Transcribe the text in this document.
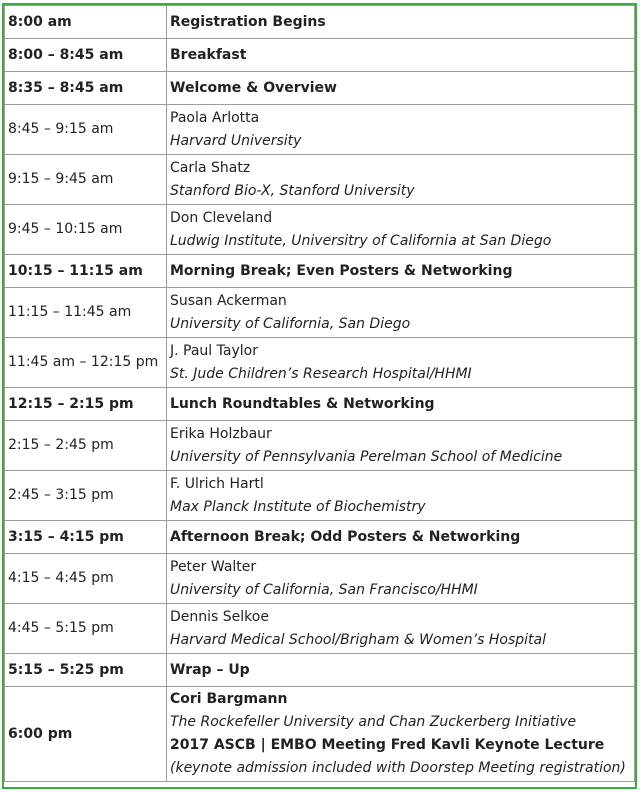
8:00 am	Registration Begins
8:00 – 8:45 am	Breakfast
8:35 – 8:45 am	Welcome & Overview
8:45 – 9:15 am	Paola Arlotta
Harvard University

9:15 – 9:45 am	Carla Shatz
Stanford Bio-X, Stanford University

9:45 – 10:15 am	Don Cleveland
Ludwig Institute, Universitry of California at San Diego

10:15 – 11:15 am	Morning Break; Even Posters & Networking
11:15 – 11:45 am	Susan Ackerman
University of California, San Diego

11:45 am – 12:15 pm	J. Paul Taylor
St. Jude Children’s Research Hospital/HHMI

12:15 – 2:15 pm	Lunch Roundtables & Networking
2:15 – 2:45 pm	Erika Holzbaur
University of Pennsylvania Perelman School of Medicine

2:45 – 3:15 pm	F. Ulrich Hartl
Max Planck Institute of Biochemistry

3:15 – 4:15 pm	Afternoon Break; Odd Posters & Networking
4:15 – 4:45 pm	Peter Walter
University of California, San Francisco/HHMI

4:45 – 5:15 pm	Dennis Selkoe
Harvard Medical School/Brigham & Women’s Hospital

5:15 – 5:25 pm	Wrap – Up
6:00 pm	Cori Bargmann
The Rockefeller University and Chan Zuckerberg Initiative
2017 ASCB | EMBO Meeting Fred Kavli Keynote Lecture
(keynote admission included with Doorstep Meeting registration)
